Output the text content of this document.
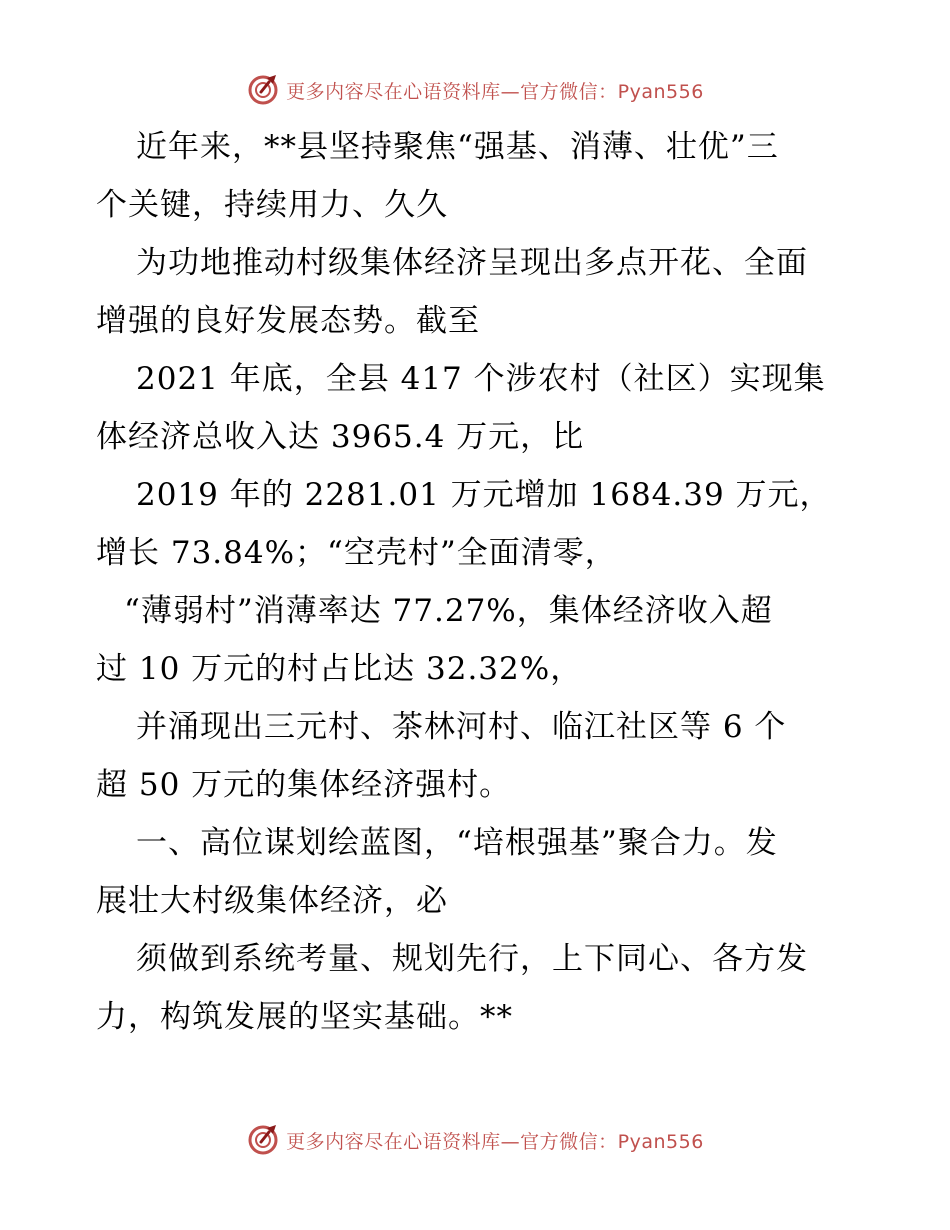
更多内容尽在心语资料库—官方微信：Pyan556
近年来，**县坚持聚焦“强基、消薄、壮优”三
个关键，持续用力、久久
为功地推动村级集体经济呈现出多点开花、全面
增强的良好发展态势。截至
2021 年底，全县 417 个涉农村（社区）实现集
体经济总收入达 3965.4 万元，比
2019 年的 2281.01 万元增加 1684.39 万元，
增长 73.84%；“空壳村”全面清零，
“薄弱村”消薄率达 77.27%，集体经济收入超
过 10 万元的村占比达 32.32%，
并涌现出三元村、茶林河村、临江社区等 6 个
超 50 万元的集体经济强村。
一、高位谋划绘蓝图，“培根强基”聚合力。发
展壮大村级集体经济，必
须做到系统考量、规划先行，上下同心、各方发
力，构筑发展的坚实基础。**
更多内容尽在心语资料库—官方微信：Pyan556
